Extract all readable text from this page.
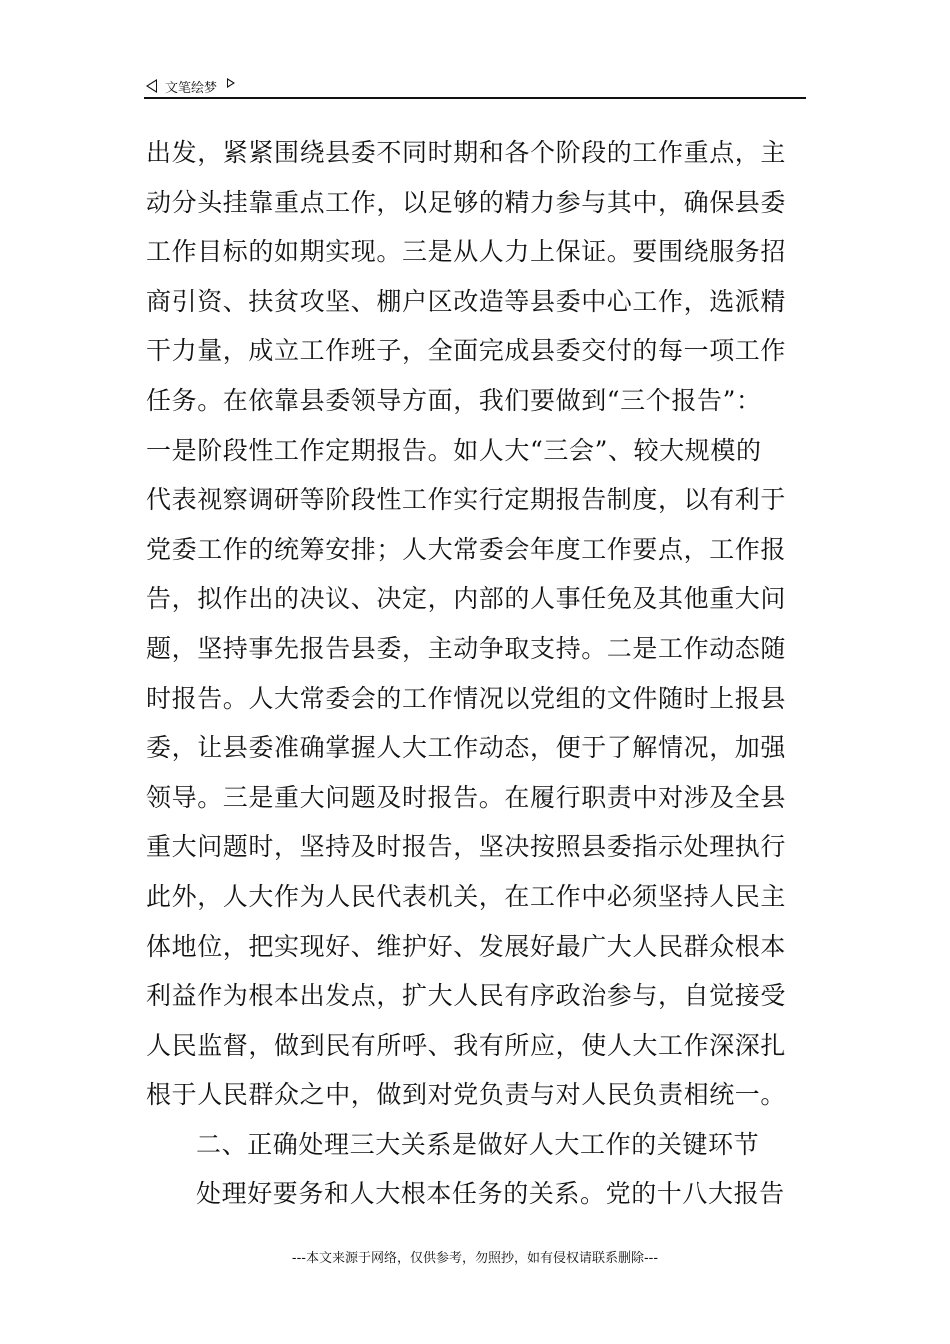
文笔绘梦
出发，紧紧围绕县委不同时期和各个阶段的工作重点，主
动分头挂靠重点工作，以足够的精力参与其中，确保县委
工作目标的如期实现。三是从人力上保证。要围绕服务招
商引资、扶贫攻坚、棚户区改造等县委中心工作，选派精
干力量，成立工作班子，全面完成县委交付的每一项工作
任务。在依靠县委领导方面，我们要做到“三个报告”：
一是阶段性工作定期报告。如人大“三会”、较大规模的
代表视察调研等阶段性工作实行定期报告制度，以有利于
党委工作的统筹安排；人大常委会年度工作要点，工作报
告，拟作出的决议、决定，内部的人事任免及其他重大问
题，坚持事先报告县委，主动争取支持。二是工作动态随
时报告。人大常委会的工作情况以党组的文件随时上报县
委，让县委准确掌握人大工作动态，便于了解情况，加强
领导。三是重大问题及时报告。在履行职责中对涉及全县
重大问题时，坚持及时报告，坚决按照县委指示处理执行
此外，人大作为人民代表机关，在工作中必须坚持人民主
体地位，把实现好、维护好、发展好最广大人民群众根本
利益作为根本出发点，扩大人民有序政治参与，自觉接受
人民监督，做到民有所呼、我有所应，使人大工作深深扎
根于人民群众之中，做到对党负责与对人民负责相统一。
二、正确处理三大关系是做好人大工作的关键环节
处理好要务和人大根本任务的关系。党的十八大报告
---本文来源于网络，仅供参考，勿照抄，如有侵权请联系删除---
